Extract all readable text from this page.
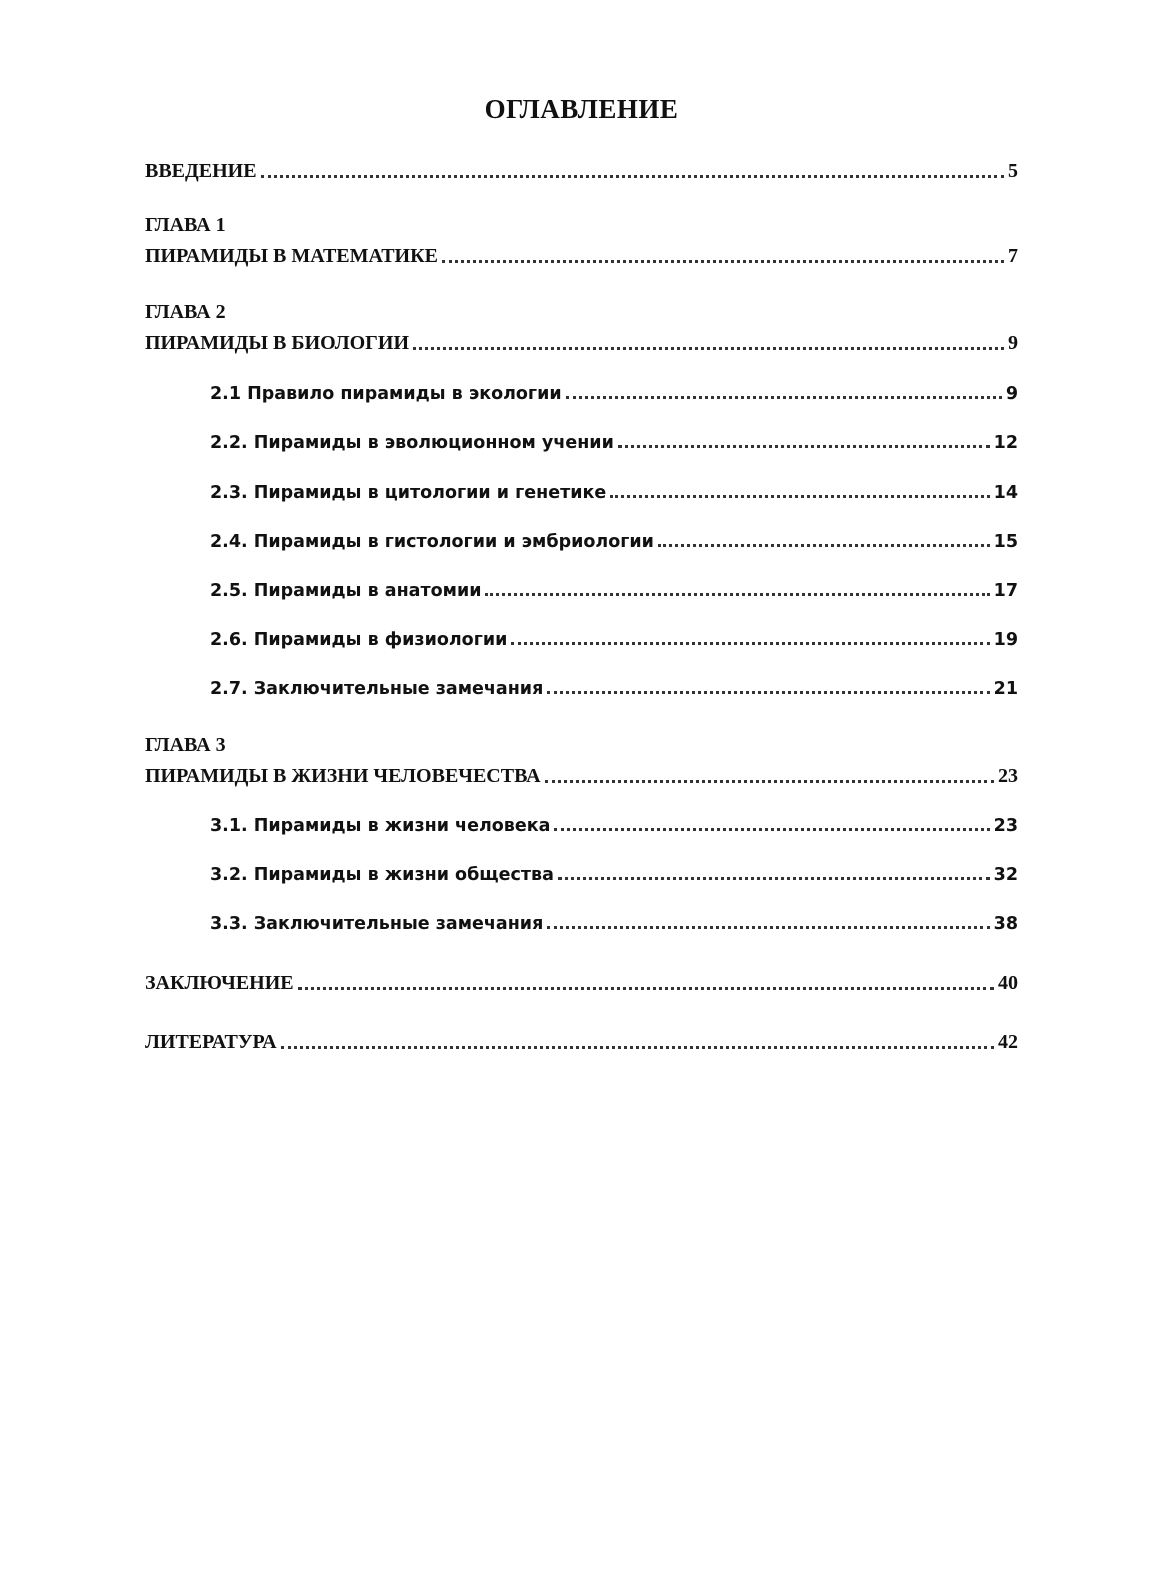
ОГЛАВЛЕНИЕ
ВВЕДЕНИЕ	5
ГЛАВА 1
ПИРАМИДЫ В МАТЕМАТИКЕ	7
ГЛАВА 2
ПИРАМИДЫ В БИОЛОГИИ	9
2.1 Правило пирамиды в экологии	9
2.2. Пирамиды в эволюционном учении	12
2.3. Пирамиды в цитологии и генетике	14
2.4. Пирамиды в гистологии и эмбриологии	15
2.5. Пирамиды в анатомии	17
2.6. Пирамиды в физиологии	19
2.7. Заключительные замечания	21
ГЛАВА 3
ПИРАМИДЫ В ЖИЗНИ ЧЕЛОВЕЧЕСТВА	23
3.1. Пирамиды в жизни человека	23
3.2. Пирамиды в жизни общества	32
3.3. Заключительные замечания	38
ЗАКЛЮЧЕНИЕ	40
ЛИТЕРАТУРА	42
